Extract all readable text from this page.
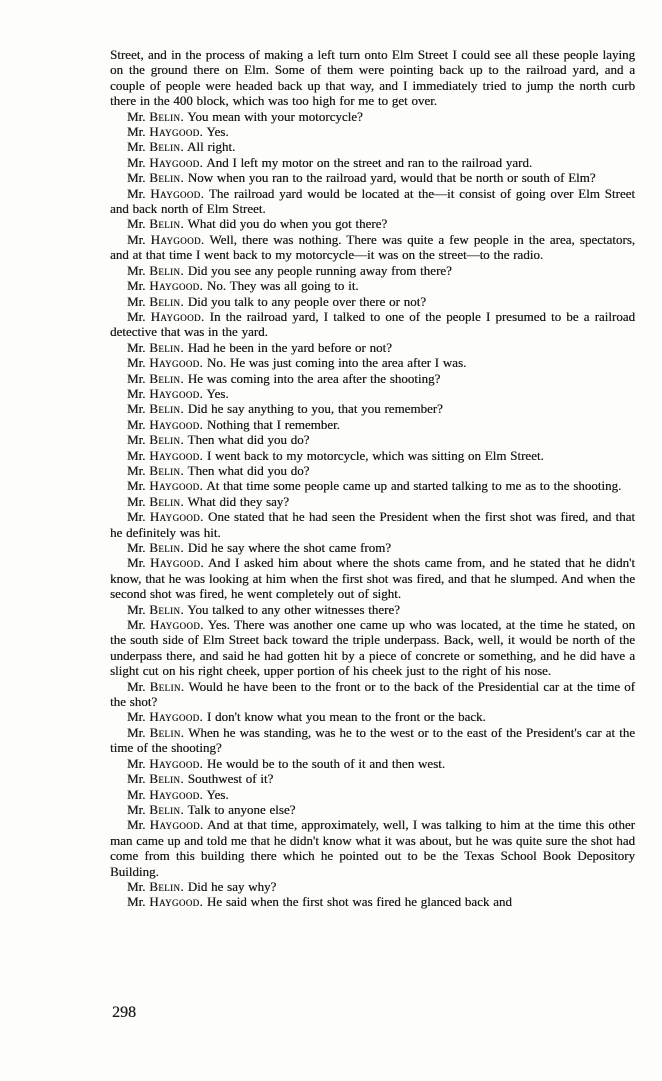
Street, and in the process of making a left turn onto Elm Street I could see all these people laying on the ground there on Elm. Some of them were pointing back up to the railroad yard, and a couple of people were headed back up that way, and I immediately tried to jump the north curb there in the 400 block, which was too high for me to get over.

Mr. Belin. You mean with your motorcycle?

Mr. Haygood. Yes.

Mr. Belin. All right.

Mr. Haygood. And I left my motor on the street and ran to the railroad yard.

Mr. Belin. Now when you ran to the railroad yard, would that be north or south of Elm?

Mr. Haygood. The railroad yard would be located at the—it consist of going over Elm Street and back north of Elm Street.

Mr. Belin. What did you do when you got there?

Mr. Haygood. Well, there was nothing. There was quite a few people in the area, spectators, and at that time I went back to my motorcycle—it was on the street—to the radio.

Mr. Belin. Did you see any people running away from there?

Mr. Haygood. No. They was all going to it.

Mr. Belin. Did you talk to any people over there or not?

Mr. Haygood. In the railroad yard, I talked to one of the people I presumed to be a railroad detective that was in the yard.

Mr. Belin. Had he been in the yard before or not?

Mr. Haygood. No. He was just coming into the area after I was.

Mr. Belin. He was coming into the area after the shooting?

Mr. Haygood. Yes.

Mr. Belin. Did he say anything to you, that you remember?

Mr. Haygood. Nothing that I remember.

Mr. Belin. Then what did you do?

Mr. Haygood. I went back to my motorcycle, which was sitting on Elm Street.

Mr. Belin. Then what did you do?

Mr. Haygood. At that time some people came up and started talking to me as to the shooting.

Mr. Belin. What did they say?

Mr. Haygood. One stated that he had seen the President when the first shot was fired, and that he definitely was hit.

Mr. Belin. Did he say where the shot came from?

Mr. Haygood. And I asked him about where the shots came from, and he stated that he didn't know, that he was looking at him when the first shot was fired, and that he slumped. And when the second shot was fired, he went completely out of sight.

Mr. Belin. You talked to any other witnesses there?

Mr. Haygood. Yes. There was another one came up who was located, at the time he stated, on the south side of Elm Street back toward the triple underpass. Back, well, it would be north of the underpass there, and said he had gotten hit by a piece of concrete or something, and he did have a slight cut on his right cheek, upper portion of his cheek just to the right of his nose.

Mr. Belin. Would he have been to the front or to the back of the Presidential car at the time of the shot?

Mr. Haygood. I don't know what you mean to the front or the back.

Mr. Belin. When he was standing, was he to the west or to the east of the President's car at the time of the shooting?

Mr. Haygood. He would be to the south of it and then west.

Mr. Belin. Southwest of it?

Mr. Haygood. Yes.

Mr. Belin. Talk to anyone else?

Mr. Haygood. And at that time, approximately, well, I was talking to him at the time this other man came up and told me that he didn't know what it was about, but he was quite sure the shot had come from this building there which he pointed out to be the Texas School Book Depository Building.

Mr. Belin. Did he say why?

Mr. Haygood. He said when the first shot was fired he glanced back and

298
